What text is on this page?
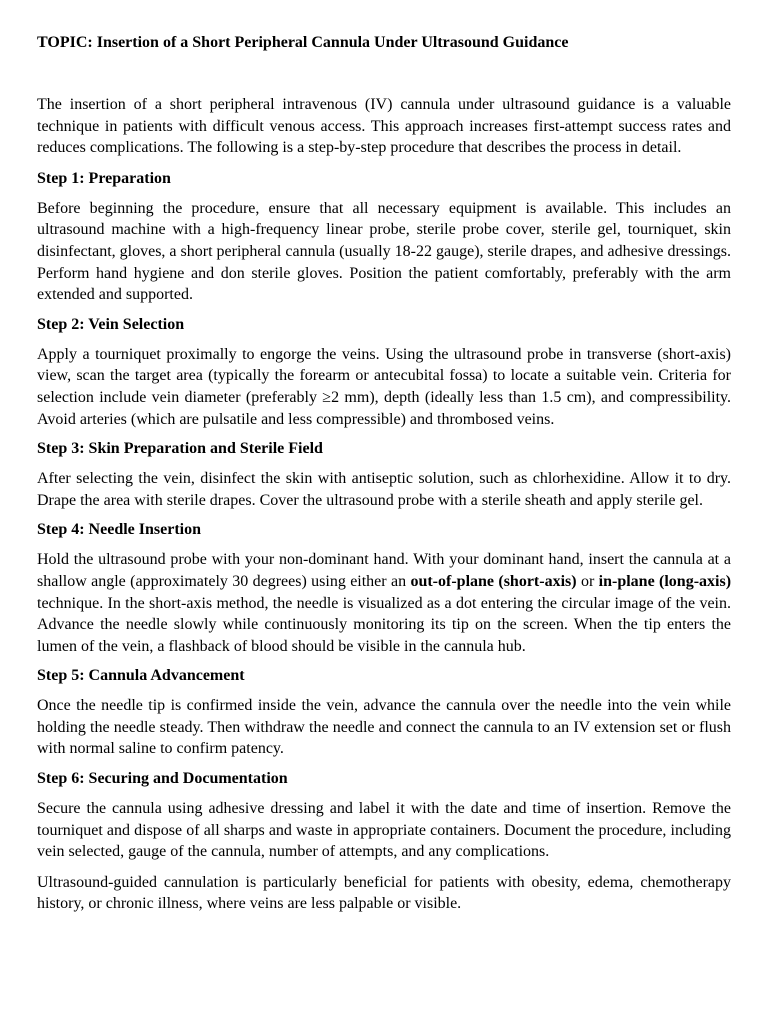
TOPIC: Insertion of a Short Peripheral Cannula Under Ultrasound Guidance

The insertion of a short peripheral intravenous (IV) cannula under ultrasound guidance is a valuable technique in patients with difficult venous access. This approach increases first-attempt success rates and reduces complications. The following is a step-by-step procedure that describes the process in detail.

Step 1: Preparation

Before beginning the procedure, ensure that all necessary equipment is available. This includes an ultrasound machine with a high-frequency linear probe, sterile probe cover, sterile gel, tourniquet, skin disinfectant, gloves, a short peripheral cannula (usually 18-22 gauge), sterile drapes, and adhesive dressings. Perform hand hygiene and don sterile gloves. Position the patient comfortably, preferably with the arm extended and supported.

Step 2: Vein Selection

Apply a tourniquet proximally to engorge the veins. Using the ultrasound probe in transverse (short-axis) view, scan the target area (typically the forearm or antecubital fossa) to locate a suitable vein. Criteria for selection include vein diameter (preferably ≥2 mm), depth (ideally less than 1.5 cm), and compressibility. Avoid arteries (which are pulsatile and less compressible) and thrombosed veins.

Step 3: Skin Preparation and Sterile Field

After selecting the vein, disinfect the skin with antiseptic solution, such as chlorhexidine. Allow it to dry. Drape the area with sterile drapes. Cover the ultrasound probe with a sterile sheath and apply sterile gel.

Step 4: Needle Insertion

Hold the ultrasound probe with your non-dominant hand. With your dominant hand, insert the cannula at a shallow angle (approximately 30 degrees) using either an out-of-plane (short-axis) or in-plane (long-axis) technique. In the short-axis method, the needle is visualized as a dot entering the circular image of the vein. Advance the needle slowly while continuously monitoring its tip on the screen. When the tip enters the lumen of the vein, a flashback of blood should be visible in the cannula hub.

Step 5: Cannula Advancement

Once the needle tip is confirmed inside the vein, advance the cannula over the needle into the vein while holding the needle steady. Then withdraw the needle and connect the cannula to an IV extension set or flush with normal saline to confirm patency.

Step 6: Securing and Documentation

Secure the cannula using adhesive dressing and label it with the date and time of insertion. Remove the tourniquet and dispose of all sharps and waste in appropriate containers. Document the procedure, including vein selected, gauge of the cannula, number of attempts, and any complications.

Ultrasound-guided cannulation is particularly beneficial for patients with obesity, edema, chemotherapy history, or chronic illness, where veins are less palpable or visible.
